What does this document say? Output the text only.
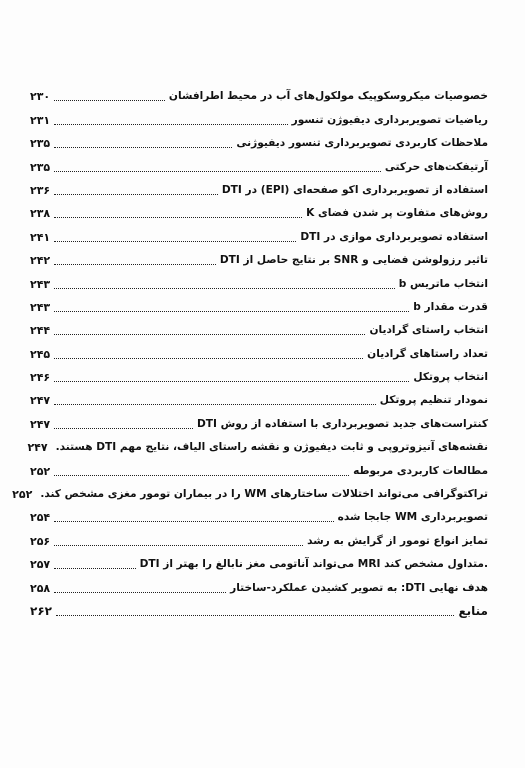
خصوصیات میکروسکوپیک مولکول‌های آب در محیط اطرافشان
۲۳۰
ریاضیات تصویربرداری دیفیوژن تنسور
۲۳۱
ملاحظات کاربردی تصویربرداری تنسور دیفیوژنی
۲۳۵
آرتیفکت‌های حرکتی
۲۳۵
استفاده از تصویربرداری اکو صفحه‌ای (EPI) در DTI
۲۳۶
روش‌های متفاوت پر شدن فضای K
۲۳۸
استفاده تصویربرداری موازی در DTI
۲۴۱
تاثیر رزولوشن فضایی و SNR بر نتایج حاصل از DTI
۲۴۲
انتخاب ماتریس b
۲۴۳
قدرت مقدار b
۲۴۳
انتخاب راستای گرادیان
۲۴۴
تعداد راستاهای گرادیان
۲۴۵
انتخاب پروتکل
۲۴۶
نمودار تنظیم پروتکل
۲۴۷
کنتراست‌های جدید تصویربرداری با استفاده از روش DTI
۲۴۷
نقشه‌های آنیزوتروپی و ثابت دیفیوژن و نقشه راستای الیاف، نتایج مهم DTI هستند.
۲۴۷
مطالعات کاربردی مربوطه
۲۵۲
تراکتوگرافی می‌تواند اختلالات ساختارهای WM را در بیماران تومور مغزی مشخص کند.
۲۵۲
تصویربرداری WM جابجا شده
۲۵۴
تمایز انواع تومور از گرایش به رشد
۲۵۶
DTI می‌تواند آناتومی مغز نابالغ را بهتر از MRI متداول مشخص کند.
۲۵۷
هدف نهایی DTI: به تصویر کشیدن عملکرد-ساختار
۲۵۸
منابع
۲۶۲
